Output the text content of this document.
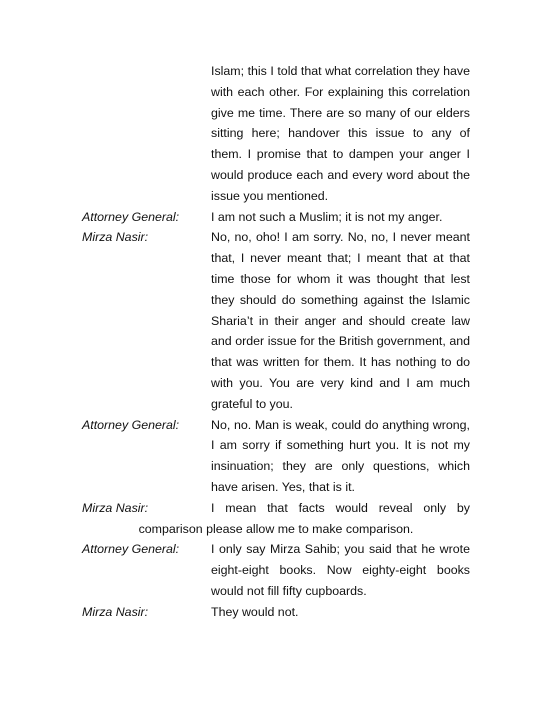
Islam; this I told that what correlation they have with each other. For explaining this correlation give me time. There are so many of our elders sitting here; handover this issue to any of them. I promise that to dampen your anger I would produce each and every word about the issue you mentioned.
Attorney General:	I am not such a Muslim; it is not my anger.
Mirza Nasir:	No, no, oho! I am sorry. No, no, I never meant that, I never meant that; I meant that at that time those for whom it was thought that lest they should do something against the Islamic Sharia’t in their anger and should create law and order issue for the British government, and that was written for them. It has nothing to do with you. You are very kind and I am much grateful to you.
Attorney General:	No, no. Man is weak, could do anything wrong, I am sorry if something hurt you. It is not my insinuation; they are only questions, which have arisen. Yes, that is it.
Mirza Nasir:	I mean that facts would reveal only by
comparison please allow me to make comparison.
Attorney General:	I only say Mirza Sahib; you said that he wrote eight-eight books. Now eighty-eight books would not fill fifty cupboards.
Mirza Nasir:	They would not.
